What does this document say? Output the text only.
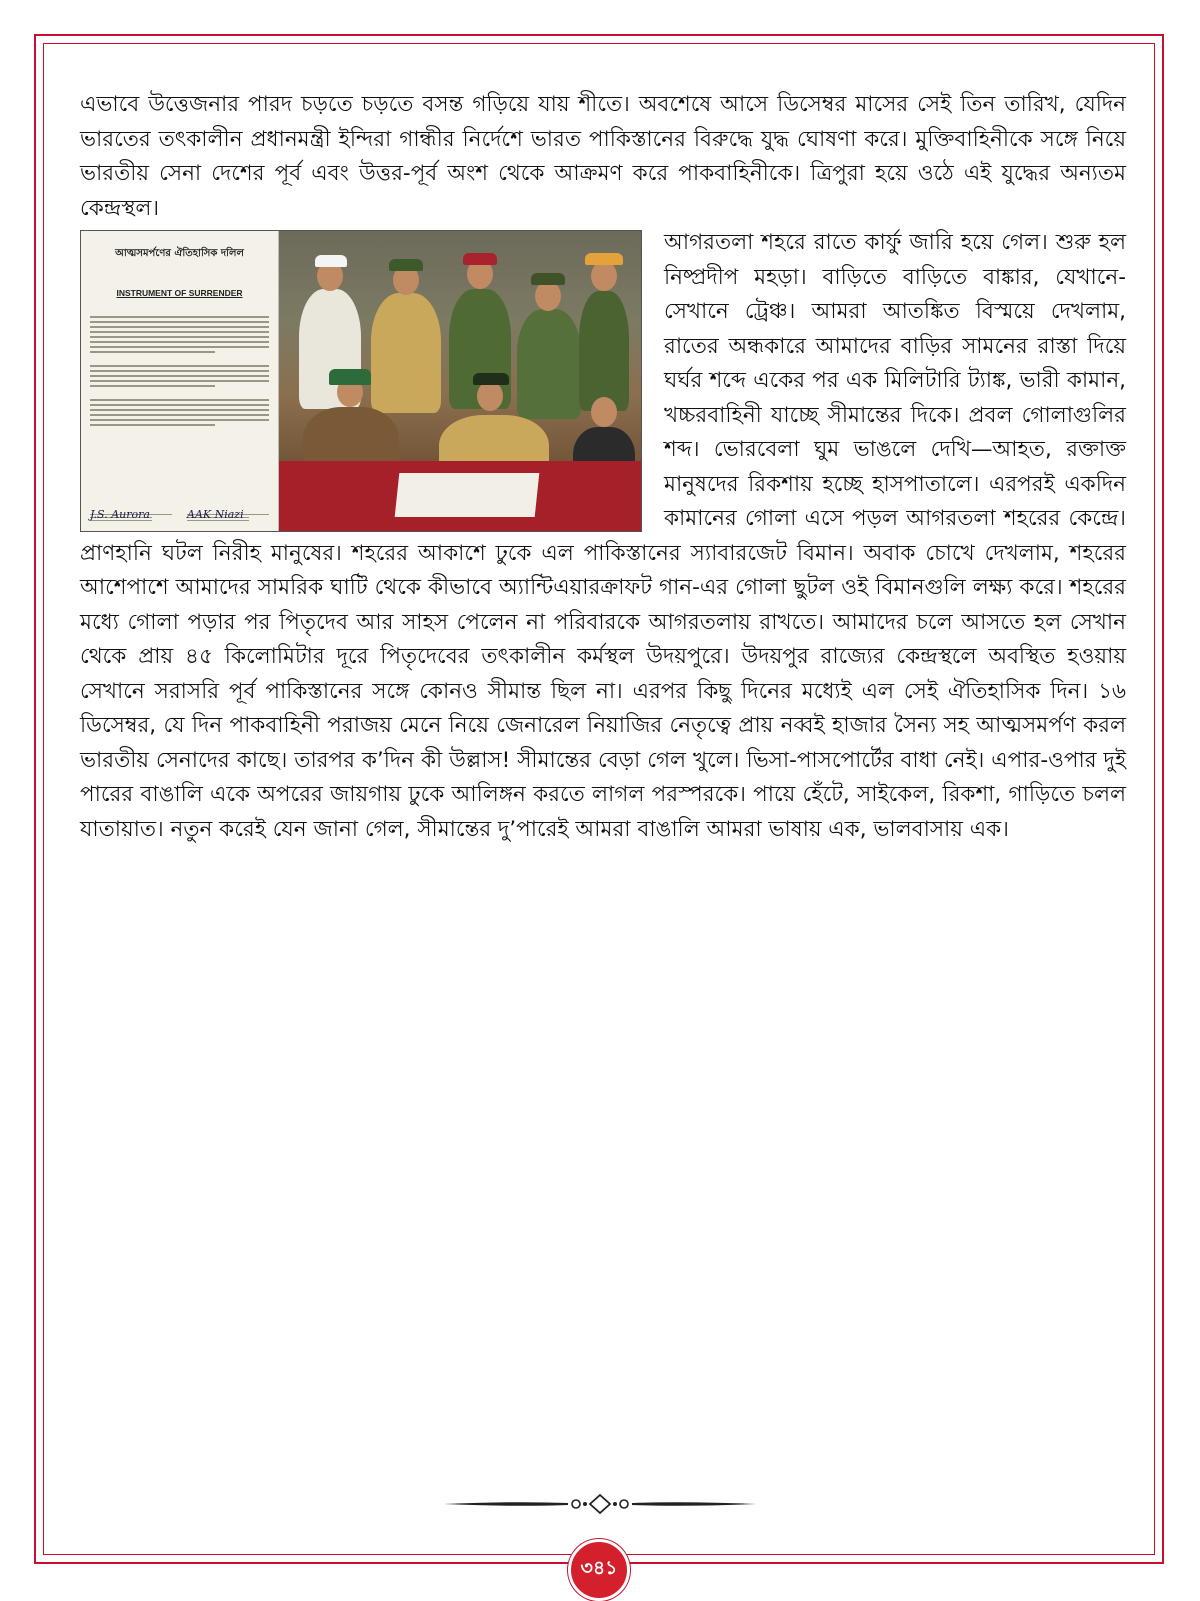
এভাবে উত্তেজনার পারদ চড়তে চড়তে বসন্ত গড়িয়ে যায় শীতে। অবশেষে আসে ডিসেম্বর মাসের সেই তিন তারিখ, যেদিন ভারতের তৎকালীন প্রধানমন্ত্রী ইন্দিরা গান্ধীর নির্দেশে ভারত পাকিস্তানের বিরুদ্ধে যুদ্ধ ঘোষণা করে। মুক্তিবাহিনীকে সঙ্গে নিয়ে ভারতীয় সেনা দেশের পূর্ব এবং উত্তর-পূর্ব অংশ থেকে আক্রমণ করে পাকবাহিনীকে। ত্রিপুরা হয়ে ওঠে এই যুদ্ধের অন্যতম কেন্দ্রস্থল।

আত্মসমর্পণের ঐতিহাসিক দলিল
INSTRUMENT OF SURRENDER
আগরতলা শহরে রাতে কার্ফু জারি হয়ে গেল। শুরু হল নিষ্প্রদীপ মহড়া। বাড়িতে বাড়িতে বাঙ্কার, যেখানে-সেখানে ট্রেঞ্চ। আমরা আতঙ্কিত বিস্ময়ে দেখলাম, রাতের অন্ধকারে আমাদের বাড়ির সামনের রাস্তা দিয়ে ঘর্ঘর শব্দে একের পর এক মিলিটারি ট্যাঙ্ক, ভারী কামান, খচ্চরবাহিনী যাচ্ছে সীমান্তের দিকে। প্রবল গোলাগুলির শব্দ। ভোরবেলা ঘুম ভাঙলে দেখি—আহত, রক্তাক্ত মানুষদের রিকশায় হচ্ছে হাসপাতালে। এরপরই একদিন কামানের গোলা এসে পড়ল আগরতলা শহরের কেন্দ্রে। প্রাণহানি ঘটল নিরীহ মানুষের। শহরের আকাশে ঢুকে এল পাকিস্তানের স্যাবারজেট বিমান। অবাক চোখে দেখলাম, শহরের আশেপাশে আমাদের সামরিক ঘাটি থেকে কীভাবে অ্যান্টিএয়ারক্রাফট গান-এর গোলা ছুটল ওই বিমানগুলি লক্ষ্য করে। শহরের মধ্যে গোলা পড়ার পর পিতৃদেব আর সাহস পেলেন না পরিবারকে আগরতলায় রাখতে। আমাদের চলে আসতে হল সেখান থেকে প্রায় ৪৫ কিলোমিটার দূরে পিতৃদেবের তৎকালীন কর্মস্থল উদয়পুরে। উদয়পুর রাজ্যের কেন্দ্রস্থলে অবস্থিত হওয়ায় সেখানে সরাসরি পূর্ব পাকিস্তানের সঙ্গে কোনও সীমান্ত ছিল না। এরপর কিছু দিনের মধ্যেই এল সেই ঐতিহাসিক দিন। ১৬ ডিসেম্বর, যে দিন পাকবাহিনী পরাজয় মেনে নিয়ে জেনারেল নিয়াজির নেতৃত্বে প্রায় নব্বই হাজার সৈন্য সহ আত্মসমর্পণ করল ভারতীয় সেনাদের কাছে। তারপর ক’দিন কী উল্লাস! সীমান্তের বেড়া গেল খুলে। ভিসা-পাসপোর্টের বাধা নেই। এপার-ওপার দুই পারের বাঙালি একে অপরের জায়গায় ঢুকে আলিঙ্গন করতে লাগল পরস্পরকে। পায়ে হেঁটে, সাইকেল, রিকশা, গাড়িতে চলল যাতায়াত। নতুন করেই যেন জানা গেল, সীমান্তের দু’পারেই আমরা বাঙালি আমরা ভাষায় এক, ভালবাসায় এক।

৩৪১
